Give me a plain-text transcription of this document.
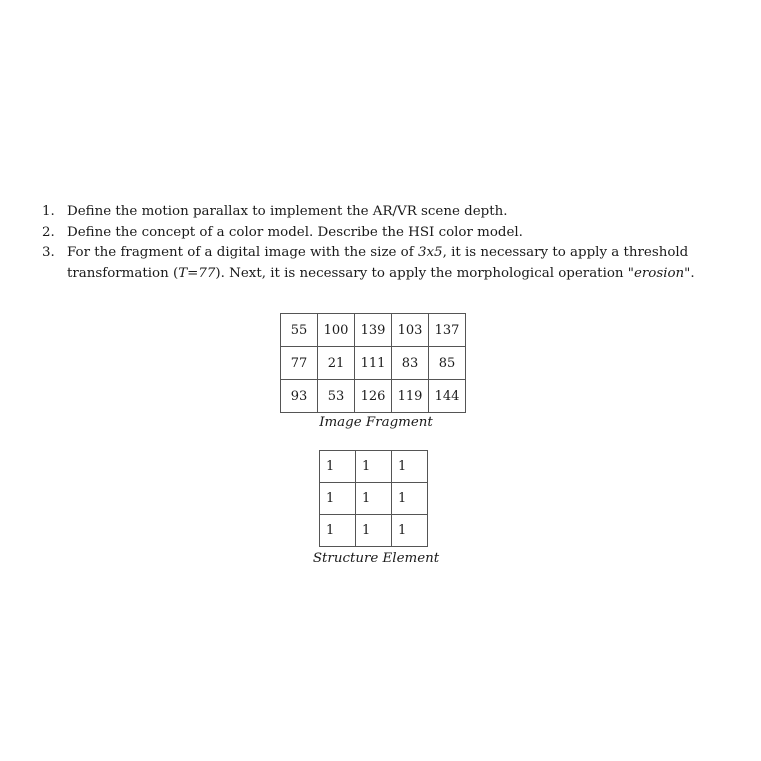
1. Define the motion parallax to implement the AR/VR scene depth.
2. Define the concept of a color model. Describe the HSI color model.
3. For the fragment of a digital image with the size of 3x5, it is necessary to apply a threshold transformation (T=77). Next, it is necessary to apply the morphological operation "erosion".
55	100	139	103	137
77	21	111	83	85
93	53	126	119	144
Image Fragment
1	1	1
1	1	1
1	1	1
Structure Element
